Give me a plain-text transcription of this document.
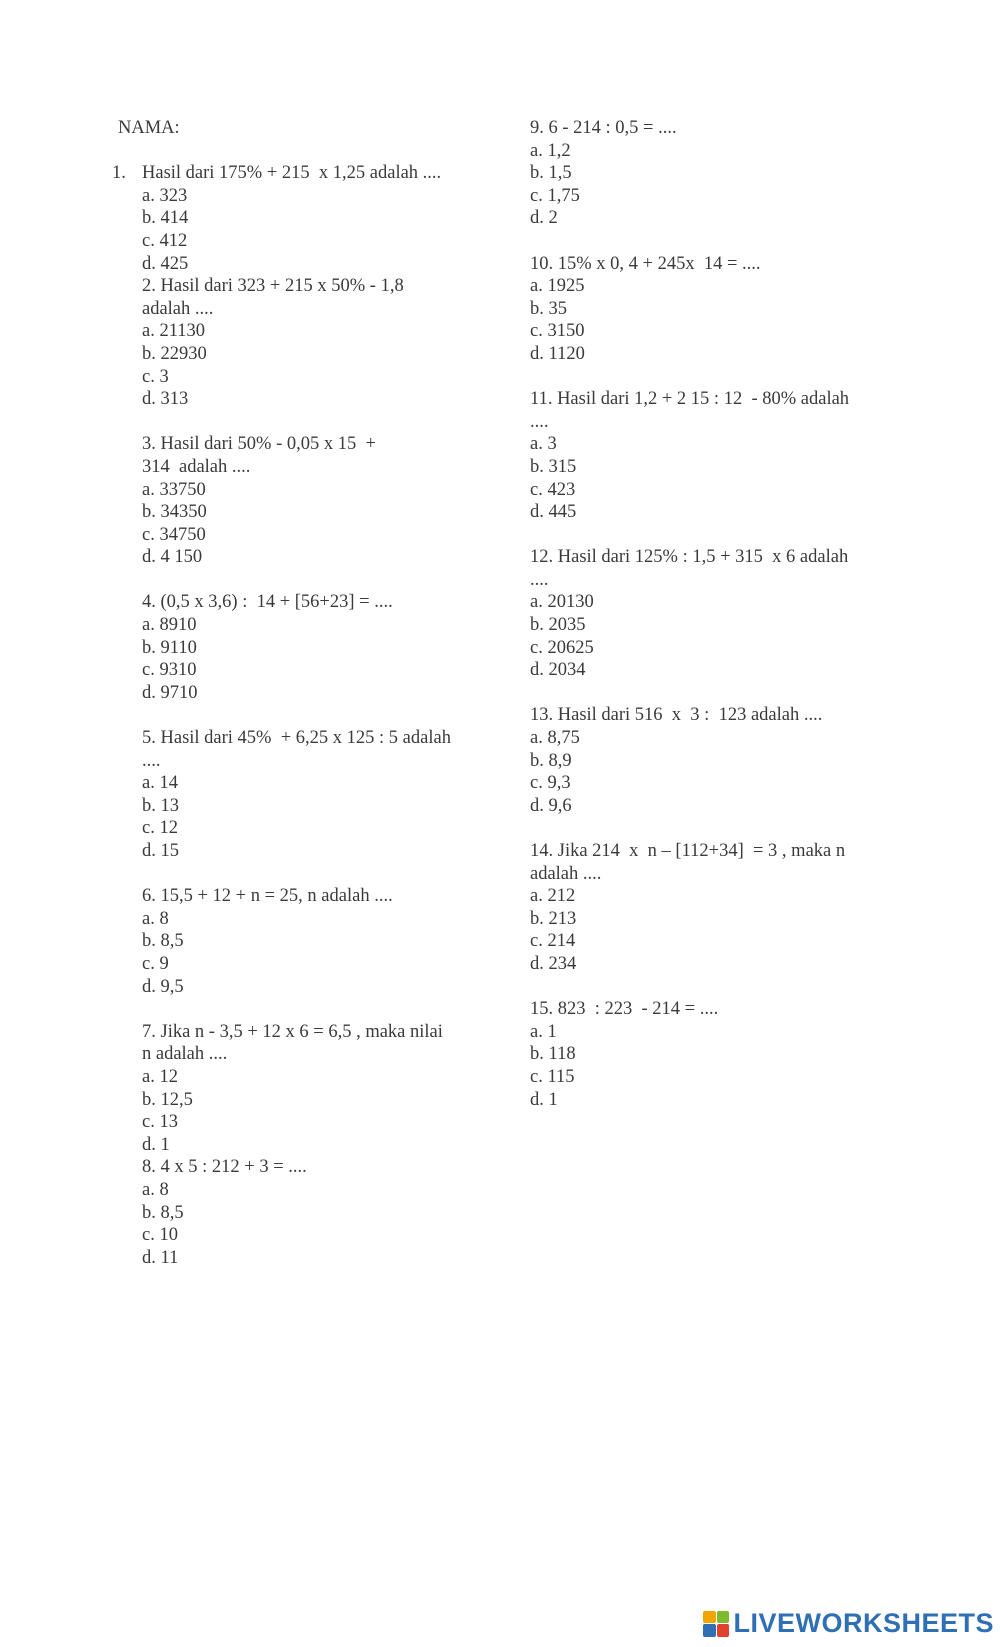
NAMA:
1. Hasil dari 175% + 215  x 1,25 adalah ....
a. 323
b. 414
c. 412
d. 425
2. Hasil dari 323 + 215 x 50% - 1,8
adalah ....
a. 21130
b. 22930
c. 3
d. 313
3. Hasil dari 50% - 0,05 x 15  +
314  adalah ....
a. 33750
b. 34350
c. 34750
d. 4 150
4. (0,5 x 3,6) :  14 + [56+23] = ....
a. 8910
b. 9110
c. 9310
d. 9710
5. Hasil dari 45%  + 6,25 x 125 : 5 adalah
....
a. 14
b. 13
c. 12
d. 15
6. 15,5 + 12 + n = 25, n adalah ....
a. 8
b. 8,5
c. 9
d. 9,5
7. Jika n - 3,5 + 12 x 6 = 6,5 , maka nilai
n adalah ....
a. 12
b. 12,5
c. 13
d. 1
8. 4 x 5 : 212 + 3 = ....
a. 8
b. 8,5
c. 10
d. 11
9. 6 - 214 : 0,5 = ....
a. 1,2
b. 1,5
c. 1,75
d. 2
10. 15% x 0, 4 + 245x  14 = ....
a. 1925
b. 35
c. 3150
d. 1120
11. Hasil dari 1,2 + 2 15 : 12  - 80% adalah
....
a. 3
b. 315
c. 423
d. 445
12. Hasil dari 125% : 1,5 + 315  x 6 adalah
....
a. 20130
b. 2035
c. 20625
d. 2034
13. Hasil dari 516  x  3 :  123 adalah ....
a. 8,75
b. 8,9
c. 9,3
d. 9,6
14. Jika 214  x  n – [112+34]  = 3 , maka n
adalah ....
a. 212
b. 213
c. 214
d. 234
15. 823  : 223  - 214 = ....
a. 1
b. 118
c. 115
d. 1
LIVEWORKSHEETS
